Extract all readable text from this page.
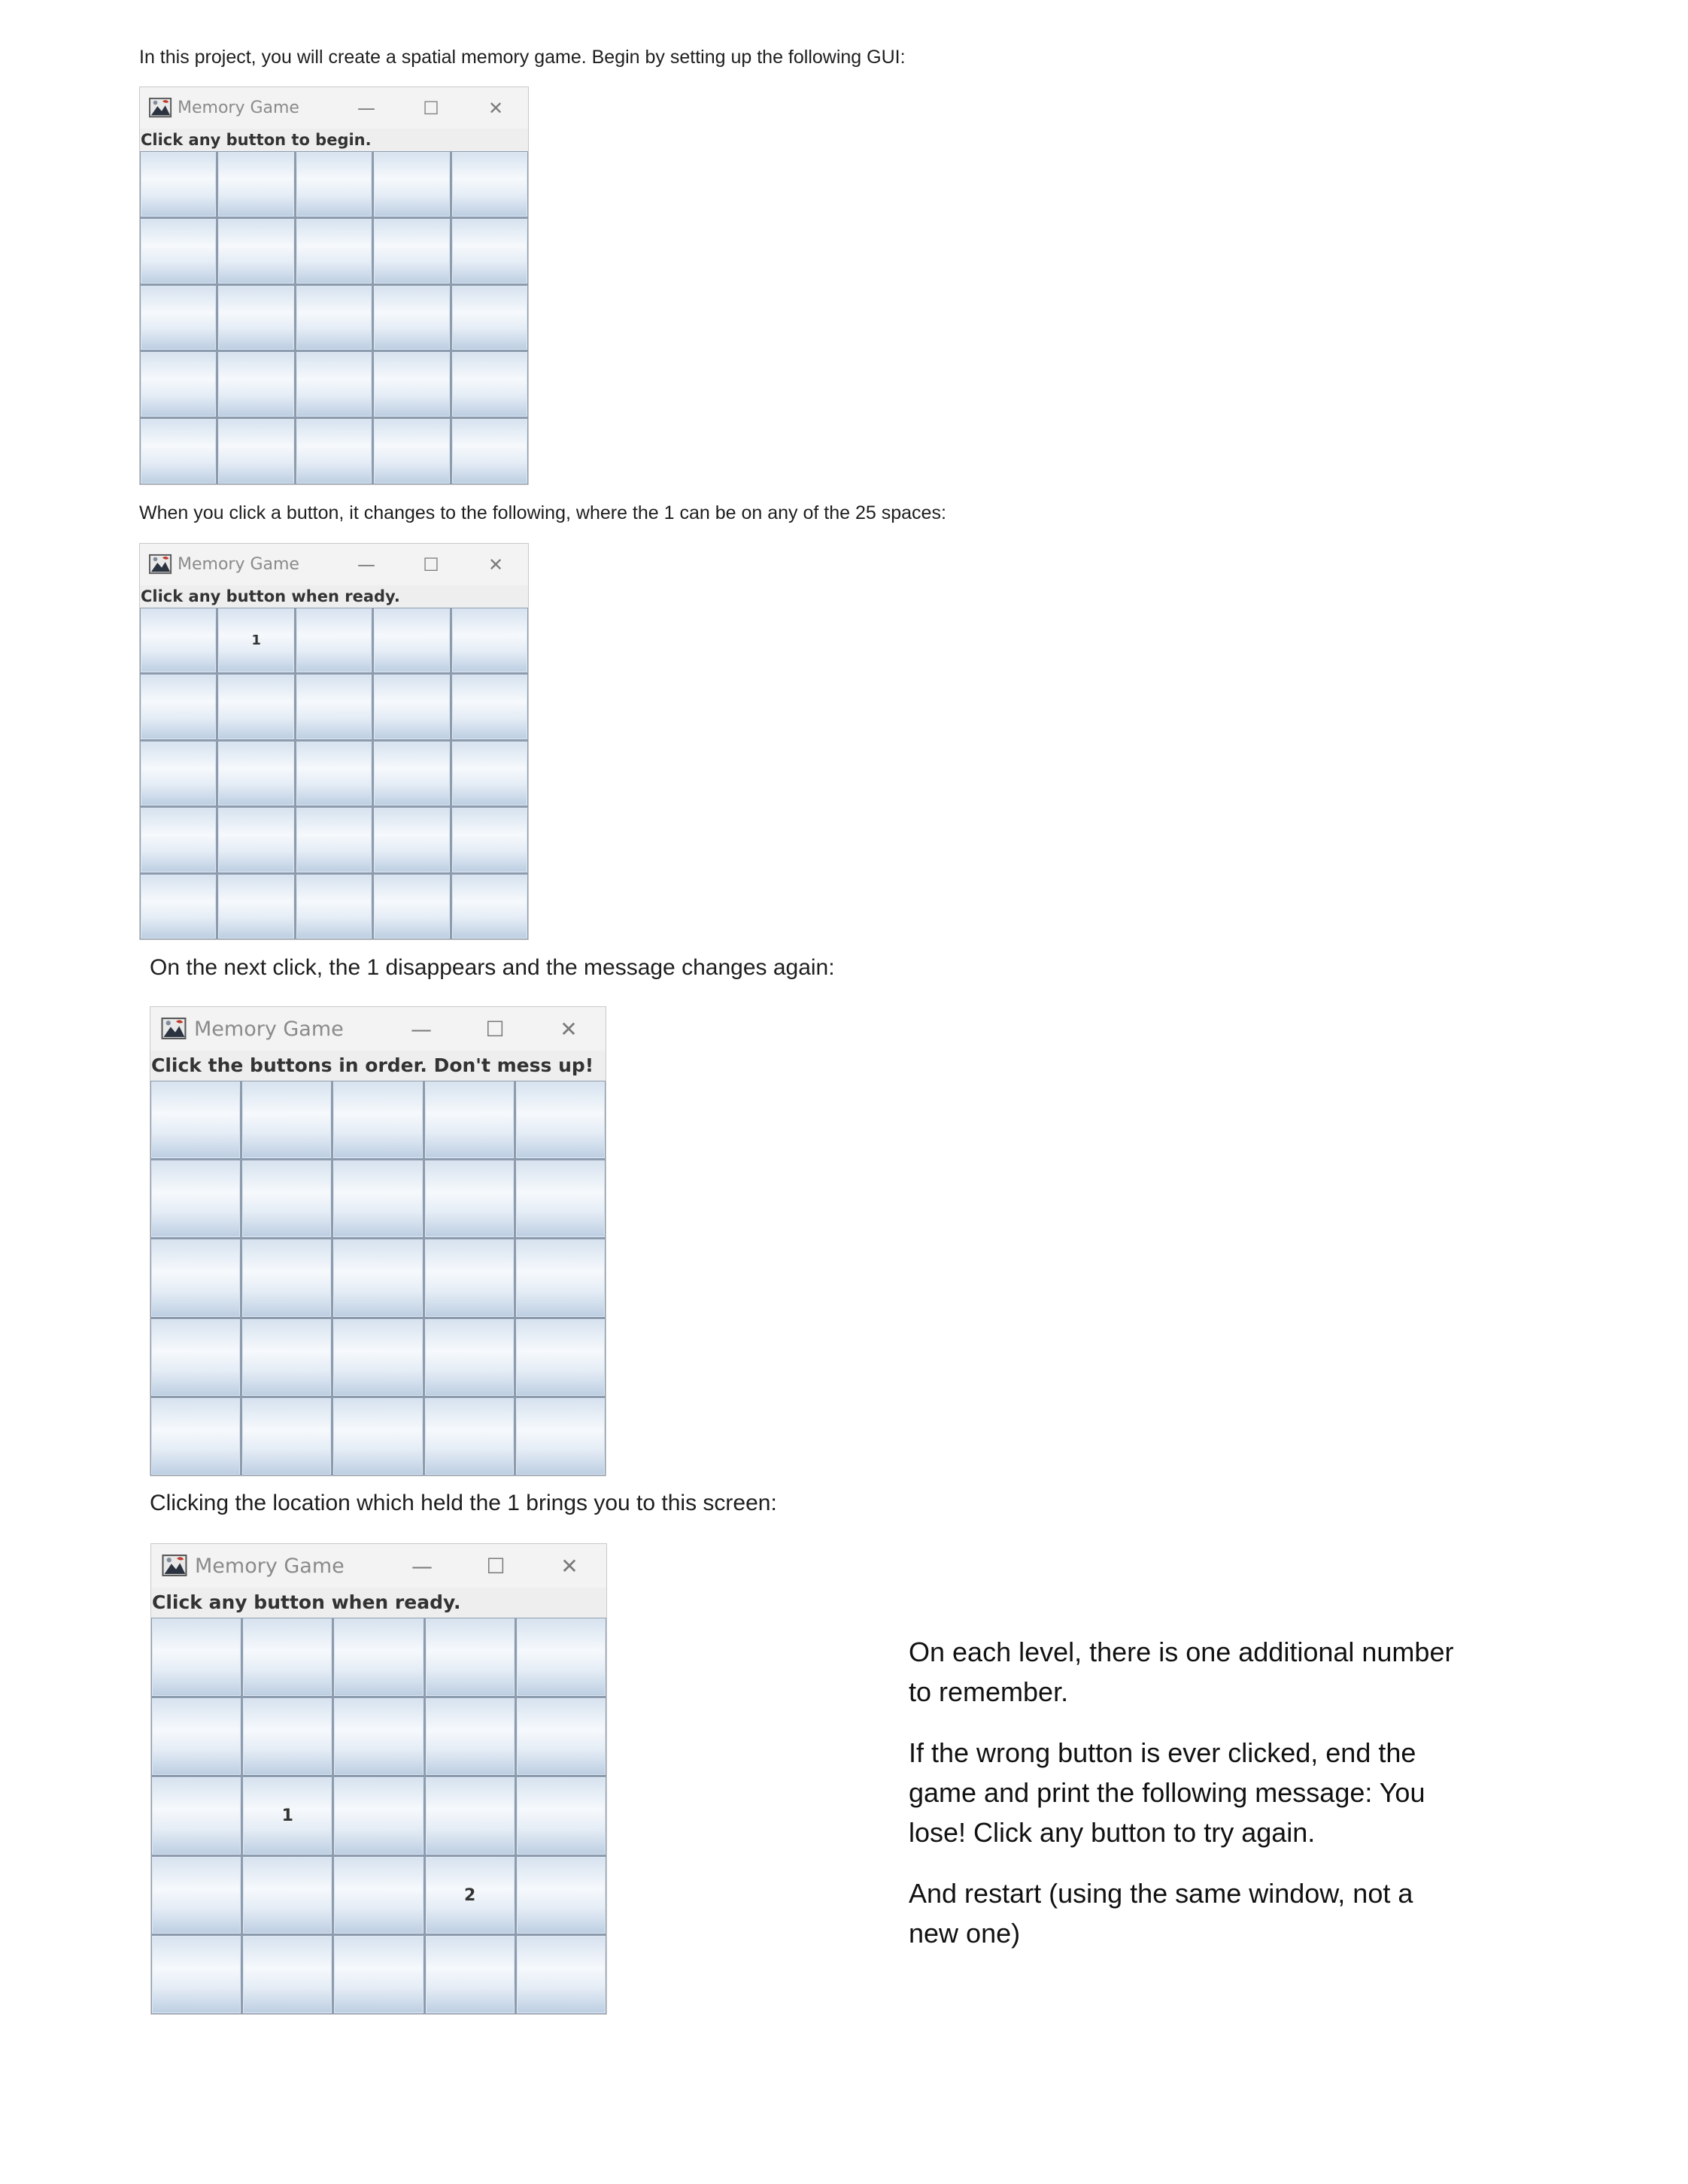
In this project, you will create a spatial memory game. Begin by setting up the following GUI:
When you click a button, it changes to the following, where the 1 can be on any of the 25 spaces:
On the next click, the 1 disappears and the message changes again:
Clicking the location which held the 1 brings you to this screen:
On each level, there is one additional number
to remember.
If the wrong button is ever clicked, end the
game and print the following message: You
lose! Click any button to try again.
And restart (using the same window, not a
new one)
Memory Game	—	☐	✕
Click any button to begin.
Memory Game	—	☐	✕
Click any button when ready.
1
Memory Game	—	☐	✕
Click the buttons in order. Don't mess up!
Memory Game	—	☐	✕
Click any button when ready.
1
2
